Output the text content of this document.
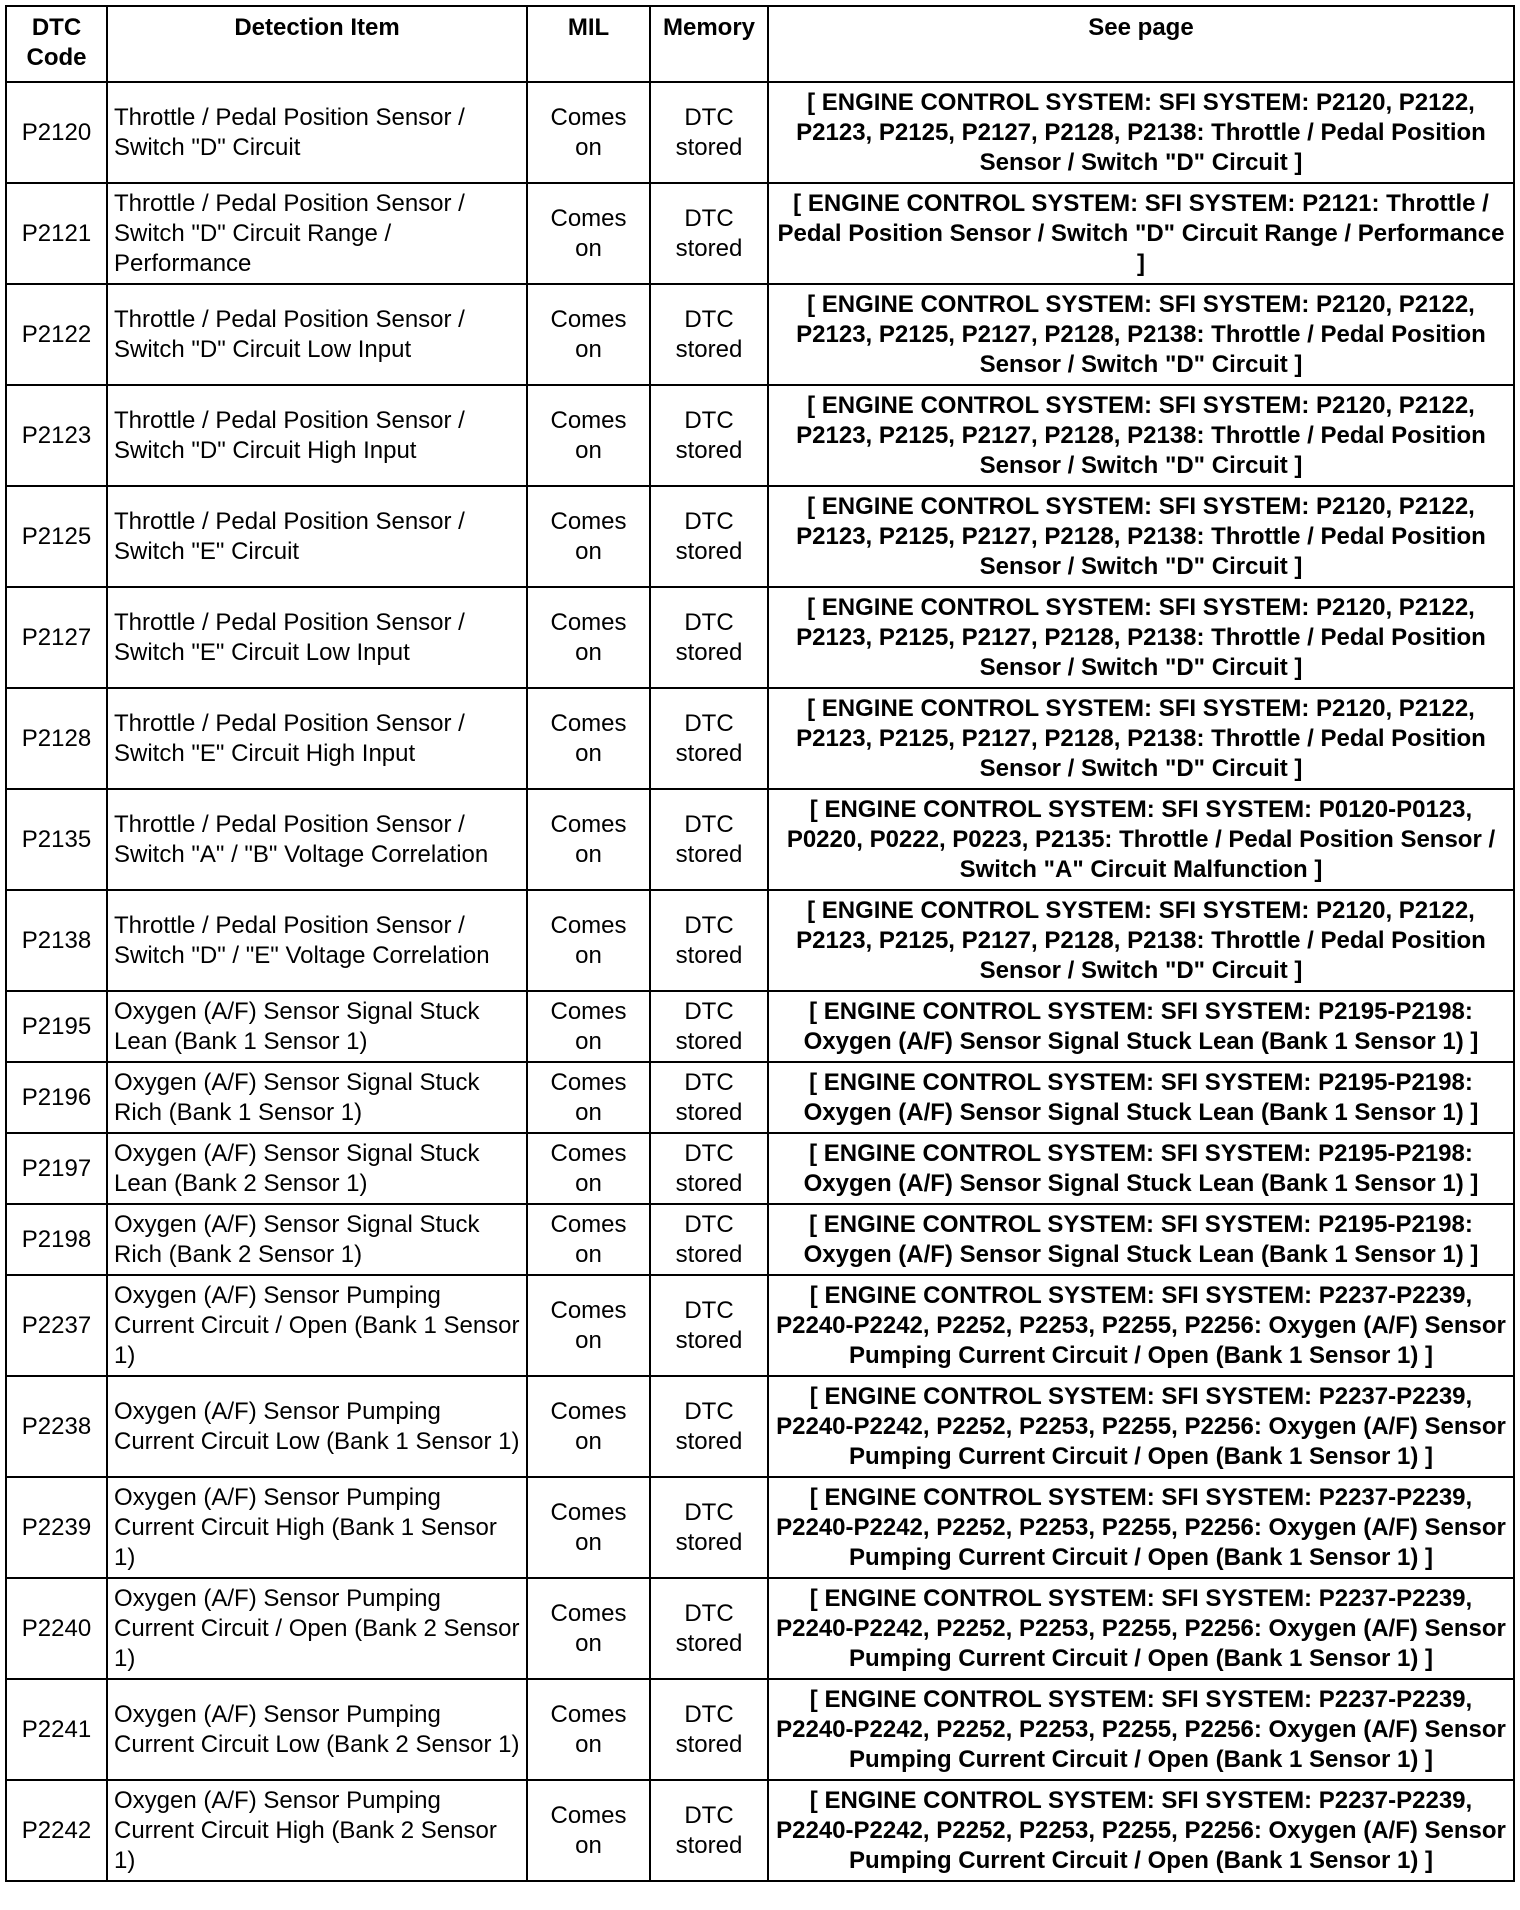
DTC Code	Detection Item	MIL	Memory	See page
P2120	Throttle / Pedal Position Sensor / Switch "D" Circuit	Comes on	DTC stored	[ ENGINE CONTROL SYSTEM: SFI SYSTEM: P2120, P2122, P2123, P2125, P2127, P2128, P2138: Throttle / Pedal Position Sensor / Switch "D" Circuit ]
P2121	Throttle / Pedal Position Sensor / Switch "D" Circuit Range / Performance	Comes on	DTC stored	[ ENGINE CONTROL SYSTEM: SFI SYSTEM: P2121: Throttle / Pedal Position Sensor / Switch "D" Circuit Range / Performance ]
P2122	Throttle / Pedal Position Sensor / Switch "D" Circuit Low Input	Comes on	DTC stored	[ ENGINE CONTROL SYSTEM: SFI SYSTEM: P2120, P2122, P2123, P2125, P2127, P2128, P2138: Throttle / Pedal Position Sensor / Switch "D" Circuit ]
P2123	Throttle / Pedal Position Sensor / Switch "D" Circuit High Input	Comes on	DTC stored	[ ENGINE CONTROL SYSTEM: SFI SYSTEM: P2120, P2122, P2123, P2125, P2127, P2128, P2138: Throttle / Pedal Position Sensor / Switch "D" Circuit ]
P2125	Throttle / Pedal Position Sensor / Switch "E" Circuit	Comes on	DTC stored	[ ENGINE CONTROL SYSTEM: SFI SYSTEM: P2120, P2122, P2123, P2125, P2127, P2128, P2138: Throttle / Pedal Position Sensor / Switch "D" Circuit ]
P2127	Throttle / Pedal Position Sensor / Switch "E" Circuit Low Input	Comes on	DTC stored	[ ENGINE CONTROL SYSTEM: SFI SYSTEM: P2120, P2122, P2123, P2125, P2127, P2128, P2138: Throttle / Pedal Position Sensor / Switch "D" Circuit ]
P2128	Throttle / Pedal Position Sensor / Switch "E" Circuit High Input	Comes on	DTC stored	[ ENGINE CONTROL SYSTEM: SFI SYSTEM: P2120, P2122, P2123, P2125, P2127, P2128, P2138: Throttle / Pedal Position Sensor / Switch "D" Circuit ]
P2135	Throttle / Pedal Position Sensor / Switch "A" / "B" Voltage Correlation	Comes on	DTC stored	[ ENGINE CONTROL SYSTEM: SFI SYSTEM: P0120-P0123, P0220, P0222, P0223, P2135: Throttle / Pedal Position Sensor / Switch "A" Circuit Malfunction ]
P2138	Throttle / Pedal Position Sensor / Switch "D" / "E" Voltage Correlation	Comes on	DTC stored	[ ENGINE CONTROL SYSTEM: SFI SYSTEM: P2120, P2122, P2123, P2125, P2127, P2128, P2138: Throttle / Pedal Position Sensor / Switch "D" Circuit ]
P2195	Oxygen (A/F) Sensor Signal Stuck Lean (Bank 1 Sensor 1)	Comes on	DTC stored	[ ENGINE CONTROL SYSTEM: SFI SYSTEM: P2195-P2198: Oxygen (A/F) Sensor Signal Stuck Lean (Bank 1 Sensor 1) ]
P2196	Oxygen (A/F) Sensor Signal Stuck Rich (Bank 1 Sensor 1)	Comes on	DTC stored	[ ENGINE CONTROL SYSTEM: SFI SYSTEM: P2195-P2198: Oxygen (A/F) Sensor Signal Stuck Lean (Bank 1 Sensor 1) ]
P2197	Oxygen (A/F) Sensor Signal Stuck Lean (Bank 2 Sensor 1)	Comes on	DTC stored	[ ENGINE CONTROL SYSTEM: SFI SYSTEM: P2195-P2198: Oxygen (A/F) Sensor Signal Stuck Lean (Bank 1 Sensor 1) ]
P2198	Oxygen (A/F) Sensor Signal Stuck Rich (Bank 2 Sensor 1)	Comes on	DTC stored	[ ENGINE CONTROL SYSTEM: SFI SYSTEM: P2195-P2198: Oxygen (A/F) Sensor Signal Stuck Lean (Bank 1 Sensor 1) ]
P2237	Oxygen (A/F) Sensor Pumping Current Circuit / Open (Bank 1 Sensor 1)	Comes on	DTC stored	[ ENGINE CONTROL SYSTEM: SFI SYSTEM: P2237-P2239, P2240-P2242, P2252, P2253, P2255, P2256: Oxygen (A/F) Sensor Pumping Current Circuit / Open (Bank 1 Sensor 1) ]
P2238	Oxygen (A/F) Sensor Pumping Current Circuit Low (Bank 1 Sensor 1)	Comes on	DTC stored	[ ENGINE CONTROL SYSTEM: SFI SYSTEM: P2237-P2239, P2240-P2242, P2252, P2253, P2255, P2256: Oxygen (A/F) Sensor Pumping Current Circuit / Open (Bank 1 Sensor 1) ]
P2239	Oxygen (A/F) Sensor Pumping Current Circuit High (Bank 1 Sensor 1)	Comes on	DTC stored	[ ENGINE CONTROL SYSTEM: SFI SYSTEM: P2237-P2239, P2240-P2242, P2252, P2253, P2255, P2256: Oxygen (A/F) Sensor Pumping Current Circuit / Open (Bank 1 Sensor 1) ]
P2240	Oxygen (A/F) Sensor Pumping Current Circuit / Open (Bank 2 Sensor 1)	Comes on	DTC stored	[ ENGINE CONTROL SYSTEM: SFI SYSTEM: P2237-P2239, P2240-P2242, P2252, P2253, P2255, P2256: Oxygen (A/F) Sensor Pumping Current Circuit / Open (Bank 1 Sensor 1) ]
P2241	Oxygen (A/F) Sensor Pumping Current Circuit Low (Bank 2 Sensor 1)	Comes on	DTC stored	[ ENGINE CONTROL SYSTEM: SFI SYSTEM: P2237-P2239, P2240-P2242, P2252, P2253, P2255, P2256: Oxygen (A/F) Sensor Pumping Current Circuit / Open (Bank 1 Sensor 1) ]
P2242	Oxygen (A/F) Sensor Pumping Current Circuit High (Bank 2 Sensor 1)	Comes on	DTC stored	[ ENGINE CONTROL SYSTEM: SFI SYSTEM: P2237-P2239, P2240-P2242, P2252, P2253, P2255, P2256: Oxygen (A/F) Sensor Pumping Current Circuit / Open (Bank 1 Sensor 1) ]
